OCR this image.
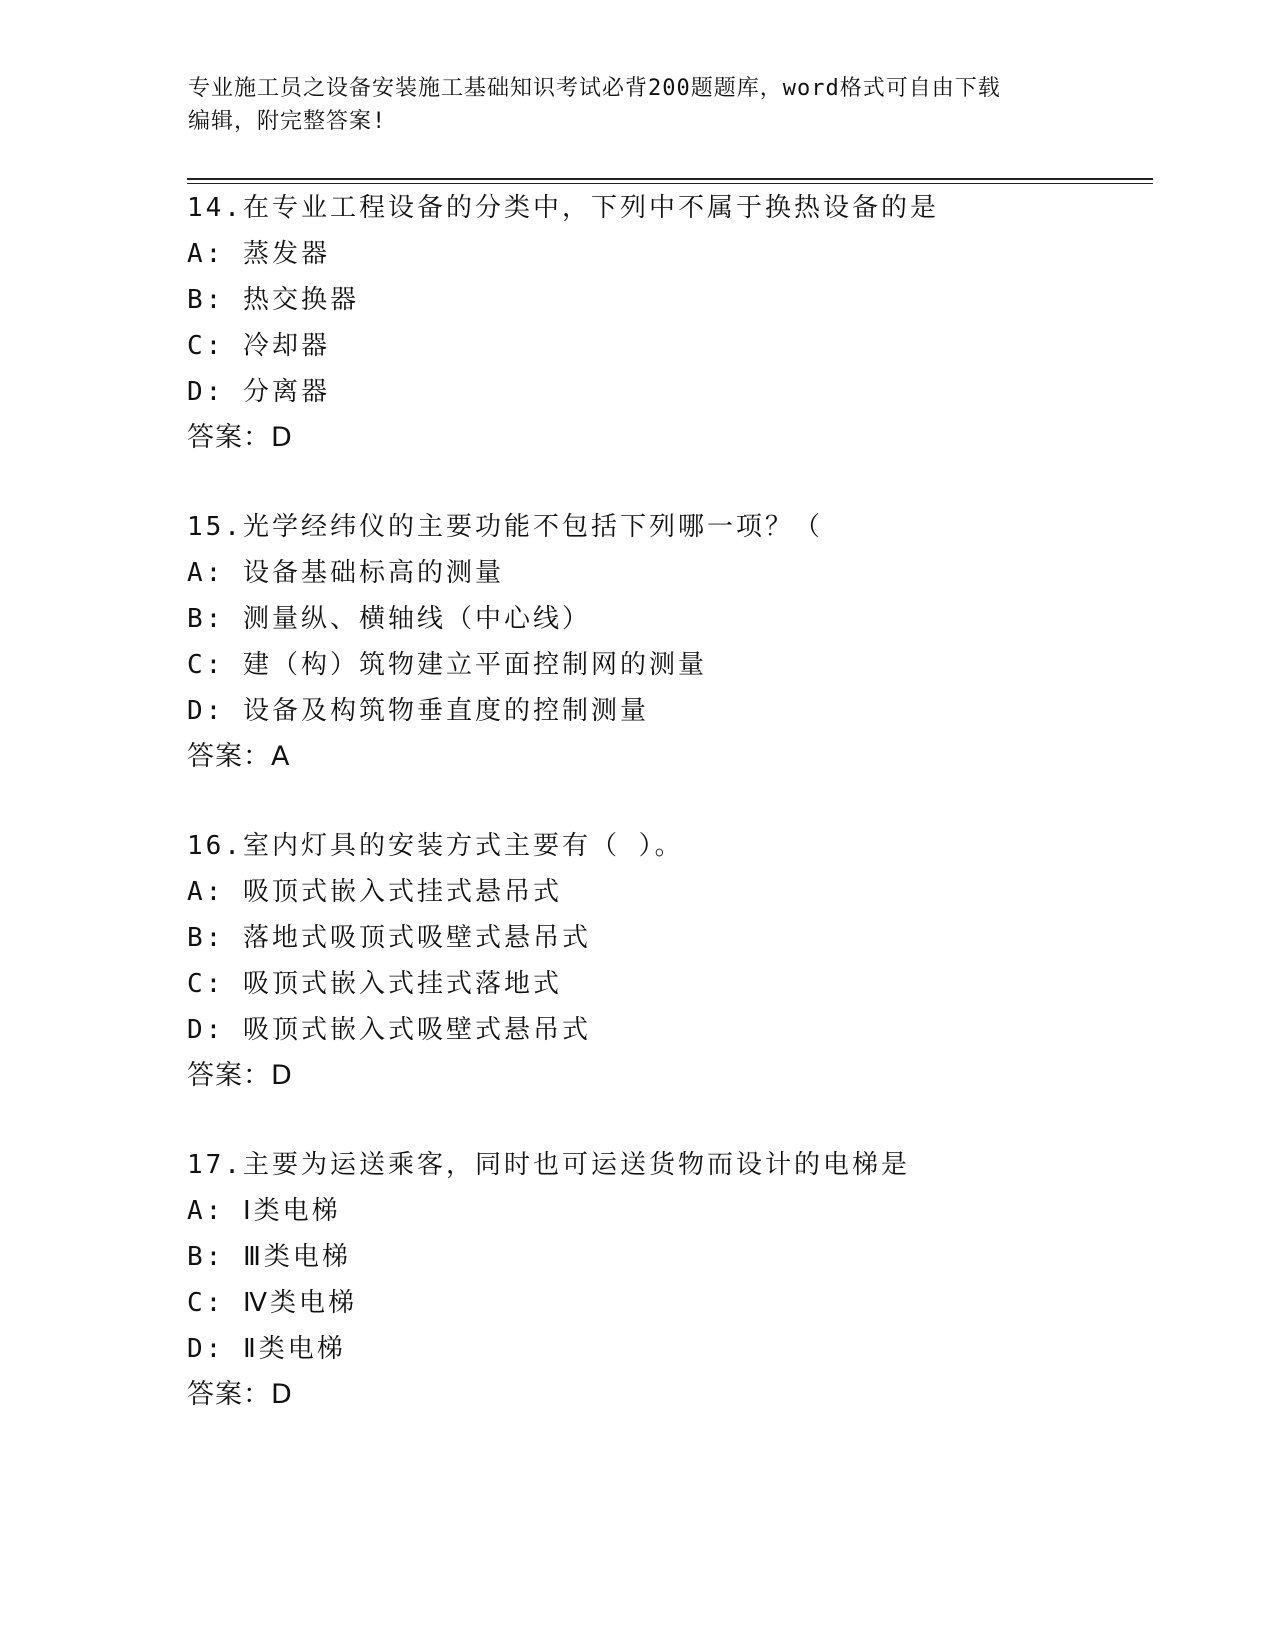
专业施工员之设备安装施工基础知识考试必背200题题库，word格式可自由下载
编辑，附完整答案!
14.在专业工程设备的分类中，下列中不属于换热设备的是
A: 蒸发器
B: 热交换器
C: 冷却器
D: 分离器
答案：D
15.光学经纬仪的主要功能不包括下列哪一项？（
A: 设备基础标高的测量
B: 测量纵、横轴线（中心线）
C: 建（构）筑物建立平面控制网的测量
D: 设备及构筑物垂直度的控制测量
答案：A
16.室内灯具的安装方式主要有（ ）。
A: 吸顶式嵌入式挂式悬吊式
B: 落地式吸顶式吸壁式悬吊式
C: 吸顶式嵌入式挂式落地式
D: 吸顶式嵌入式吸壁式悬吊式
答案：D
17.主要为运送乘客，同时也可运送货物而设计的电梯是
A: Ⅰ类电梯
B: Ⅲ类电梯
C: Ⅳ类电梯
D: Ⅱ类电梯
答案：D
